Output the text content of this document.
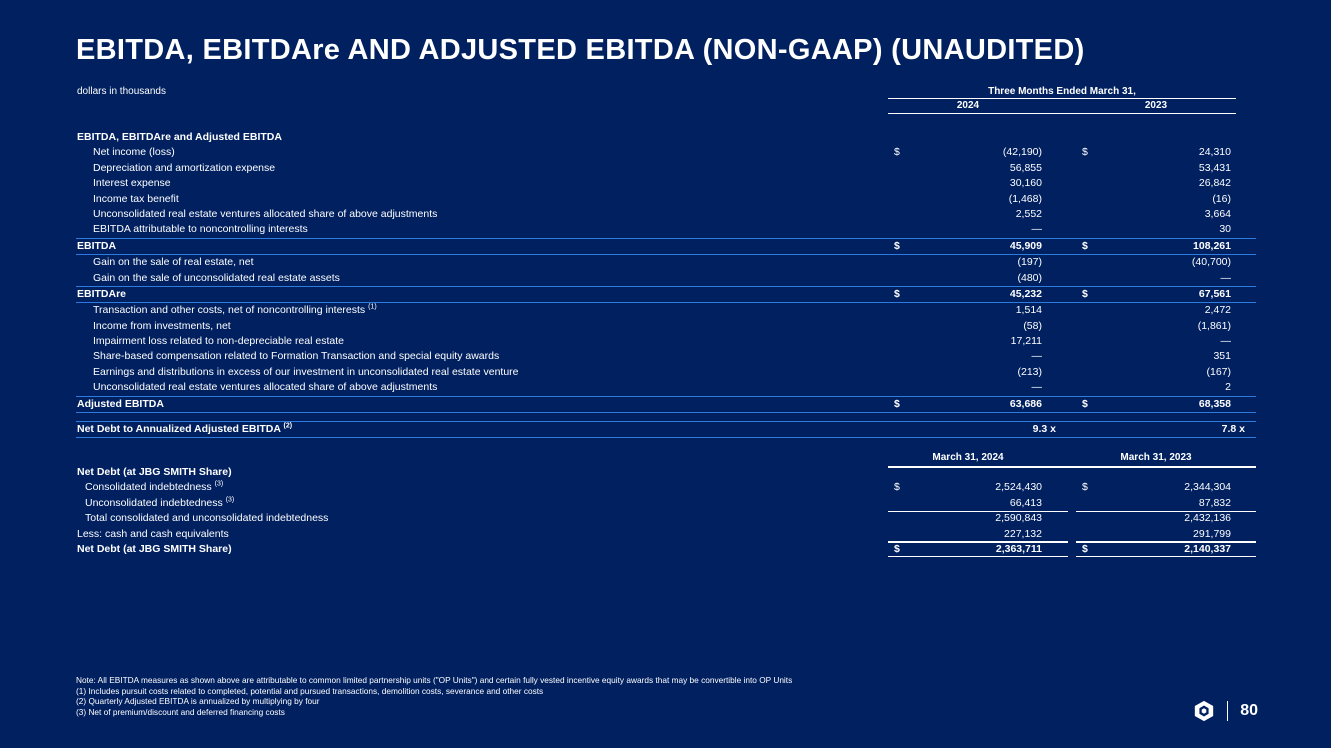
EBITDA, EBITDAre AND ADJUSTED EBITDA (NON-GAAP) (UNAUDITED)
dollars in thousands	Three Months Ended March 31,
2024	2023
EBITDA, EBITDAre and Adjusted EBITDA
Net income (loss)	$	(42,190)	$	24,310
Depreciation and amortization expense	56,855	53,431
Interest expense	30,160	26,842
Income tax benefit	(1,468)	(16)
Unconsolidated real estate ventures allocated share of above adjustments	2,552	3,664
EBITDA attributable to noncontrolling interests	—	30
EBITDA	$	45,909	$	108,261
Gain on the sale of real estate, net	(197)	(40,700)
Gain on the sale of unconsolidated real estate assets	(480)	—
EBITDAre	$	45,232	$	67,561
Transaction and other costs, net of noncontrolling interests $^{(1)}$	1,514	2,472
Income from investments, net	(58)	(1,861)
Impairment loss related to non-depreciable real estate	17,211	—
Share-based compensation related to Formation Transaction and special equity awards	—	351
Earnings and distributions in excess of our investment in unconsolidated real estate venture	(213)	(167)
Unconsolidated real estate ventures allocated share of above adjustments	—	2
Adjusted EBITDA	$	63,686	$	68,358
Net Debt to Annualized Adjusted EBITDA $^{(2)}$	9.3 x	7.8 x
March 31, 2024	March 31, 2023
Net Debt (at JBG SMITH Share)
Consolidated indebtedness $^{(3)}$	$	2,524,430	$	2,344,304
Unconsolidated indebtedness $^{(3)}$	66,413	87,832
Total consolidated and unconsolidated indebtedness	2,590,843	2,432,136
Less: cash and cash equivalents	227,132	291,799
Net Debt (at JBG SMITH Share)	$	2,363,711	$	2,140,337
Note: All EBITDA measures as shown above are attributable to common limited partnership units ("OP Units") and certain fully vested incentive equity awards that may be convertible into OP Units
(1) Includes pursuit costs related to completed, potential and pursued transactions, demolition costs, severance and other costs
(2) Quarterly Adjusted EBITDA is annualized by multiplying by four
(3) Net of premium/discount and deferred financing costs	80
